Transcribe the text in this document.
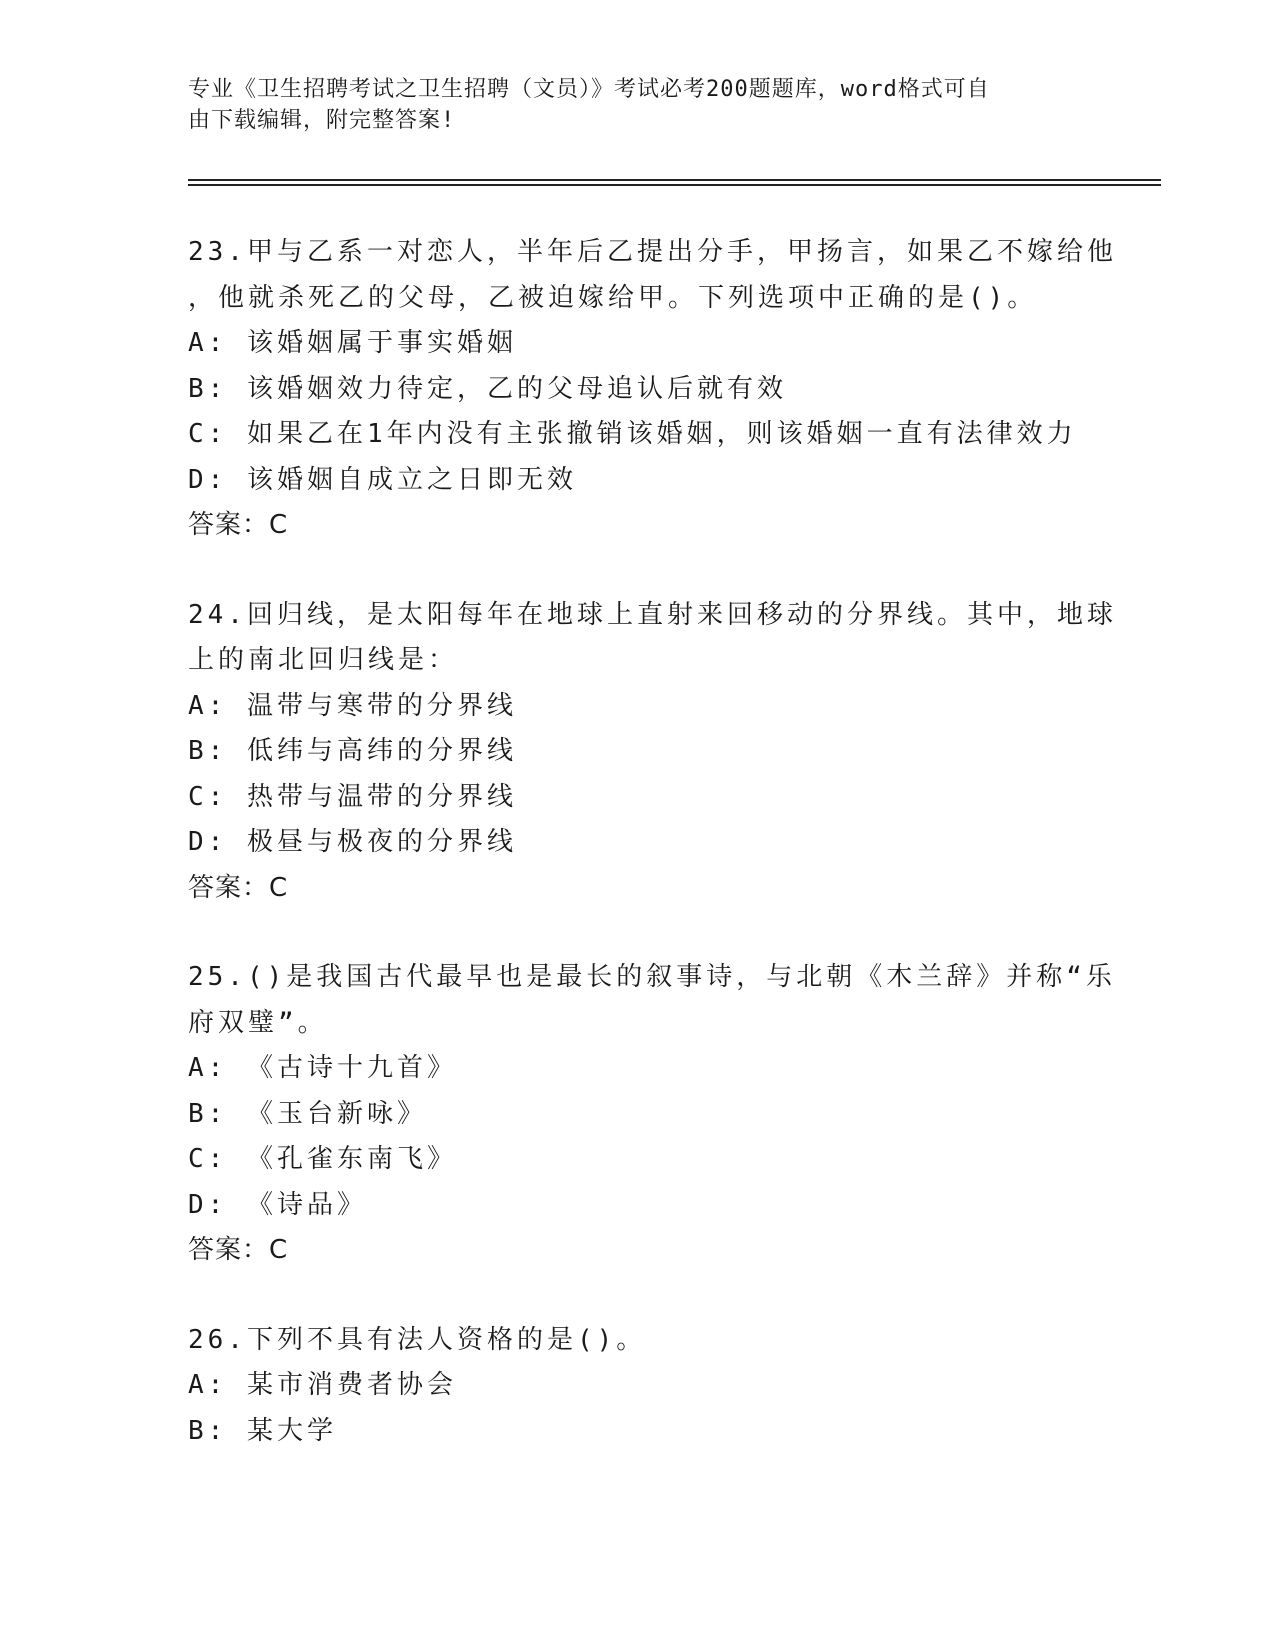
专业《卫生招聘考试之卫生招聘（文员）》考试必考200题题库，word格式可自
由下载编辑，附完整答案!
23.甲与乙系一对恋人，半年后乙提出分手，甲扬言，如果乙不嫁给他
，他就杀死乙的父母，乙被迫嫁给甲。下列选项中正确的是()。
A: 该婚姻属于事实婚姻
B: 该婚姻效力待定，乙的父母追认后就有效
C: 如果乙在1年内没有主张撤销该婚姻，则该婚姻一直有法律效力
D: 该婚姻自成立之日即无效
答案：C
24.回归线，是太阳每年在地球上直射来回移动的分界线。其中，地球
上的南北回归线是：
A: 温带与寒带的分界线
B: 低纬与高纬的分界线
C: 热带与温带的分界线
D: 极昼与极夜的分界线
答案：C
25.()是我国古代最早也是最长的叙事诗，与北朝《木兰辞》并称“乐
府双璧”。
A: 《古诗十九首》
B: 《玉台新咏》
C: 《孔雀东南飞》
D: 《诗品》
答案：C
26.下列不具有法人资格的是()。
A: 某市消费者协会
B: 某大学
